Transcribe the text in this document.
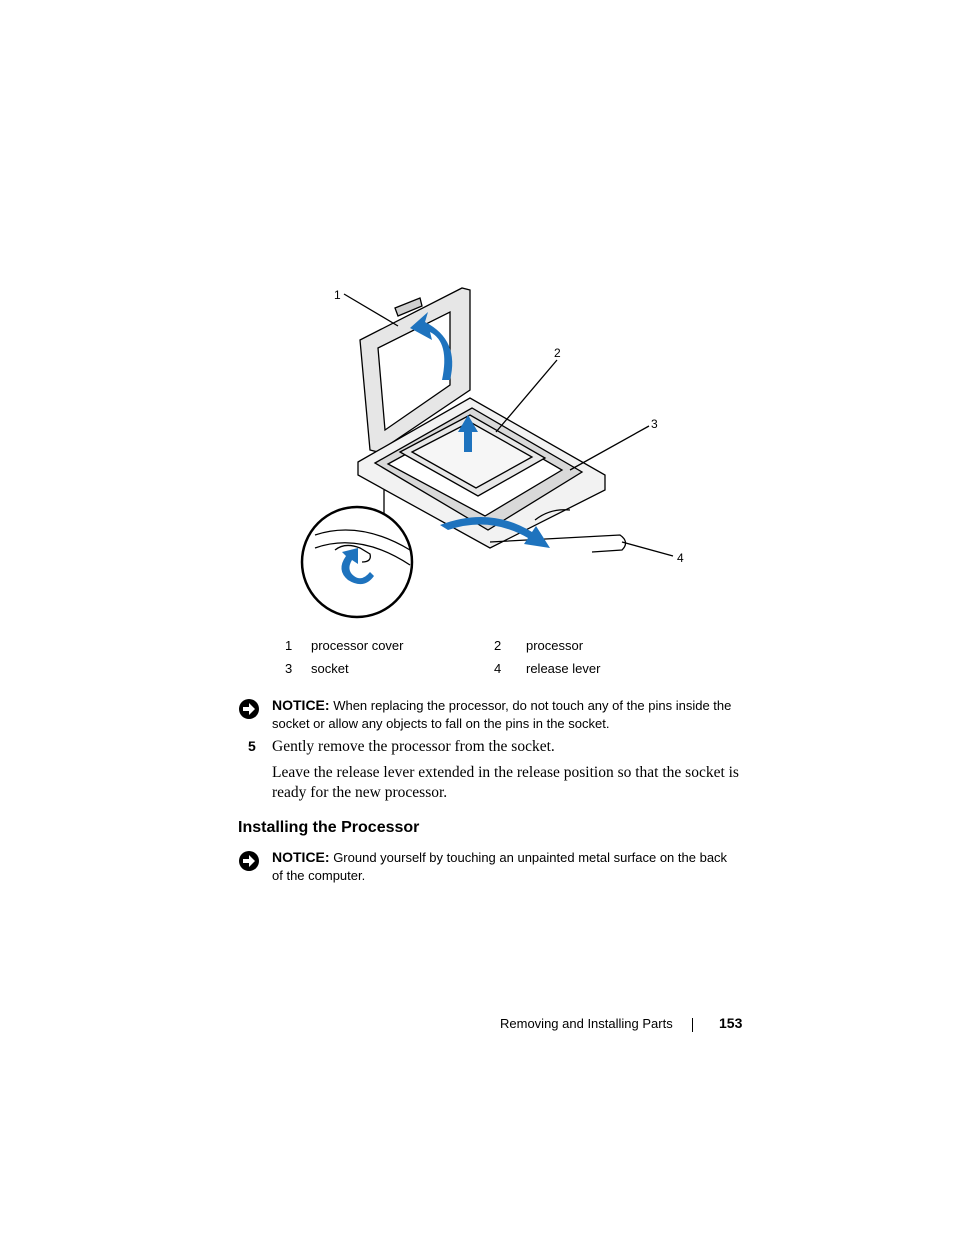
1
2
3
4
1 processor cover	2 processor
3 socket	4 release lever
NOTICE: When replacing the processor, do not touch any of the pins inside the socket or allow any objects to fall on the pins in the socket.
5 Gently remove the processor from the socket.
Leave the release lever extended in the release position so that the socket is ready for the new processor.
Installing the Processor
NOTICE: Ground yourself by touching an unpainted metal surface on the back of the computer.
Removing and Installing Parts	153
